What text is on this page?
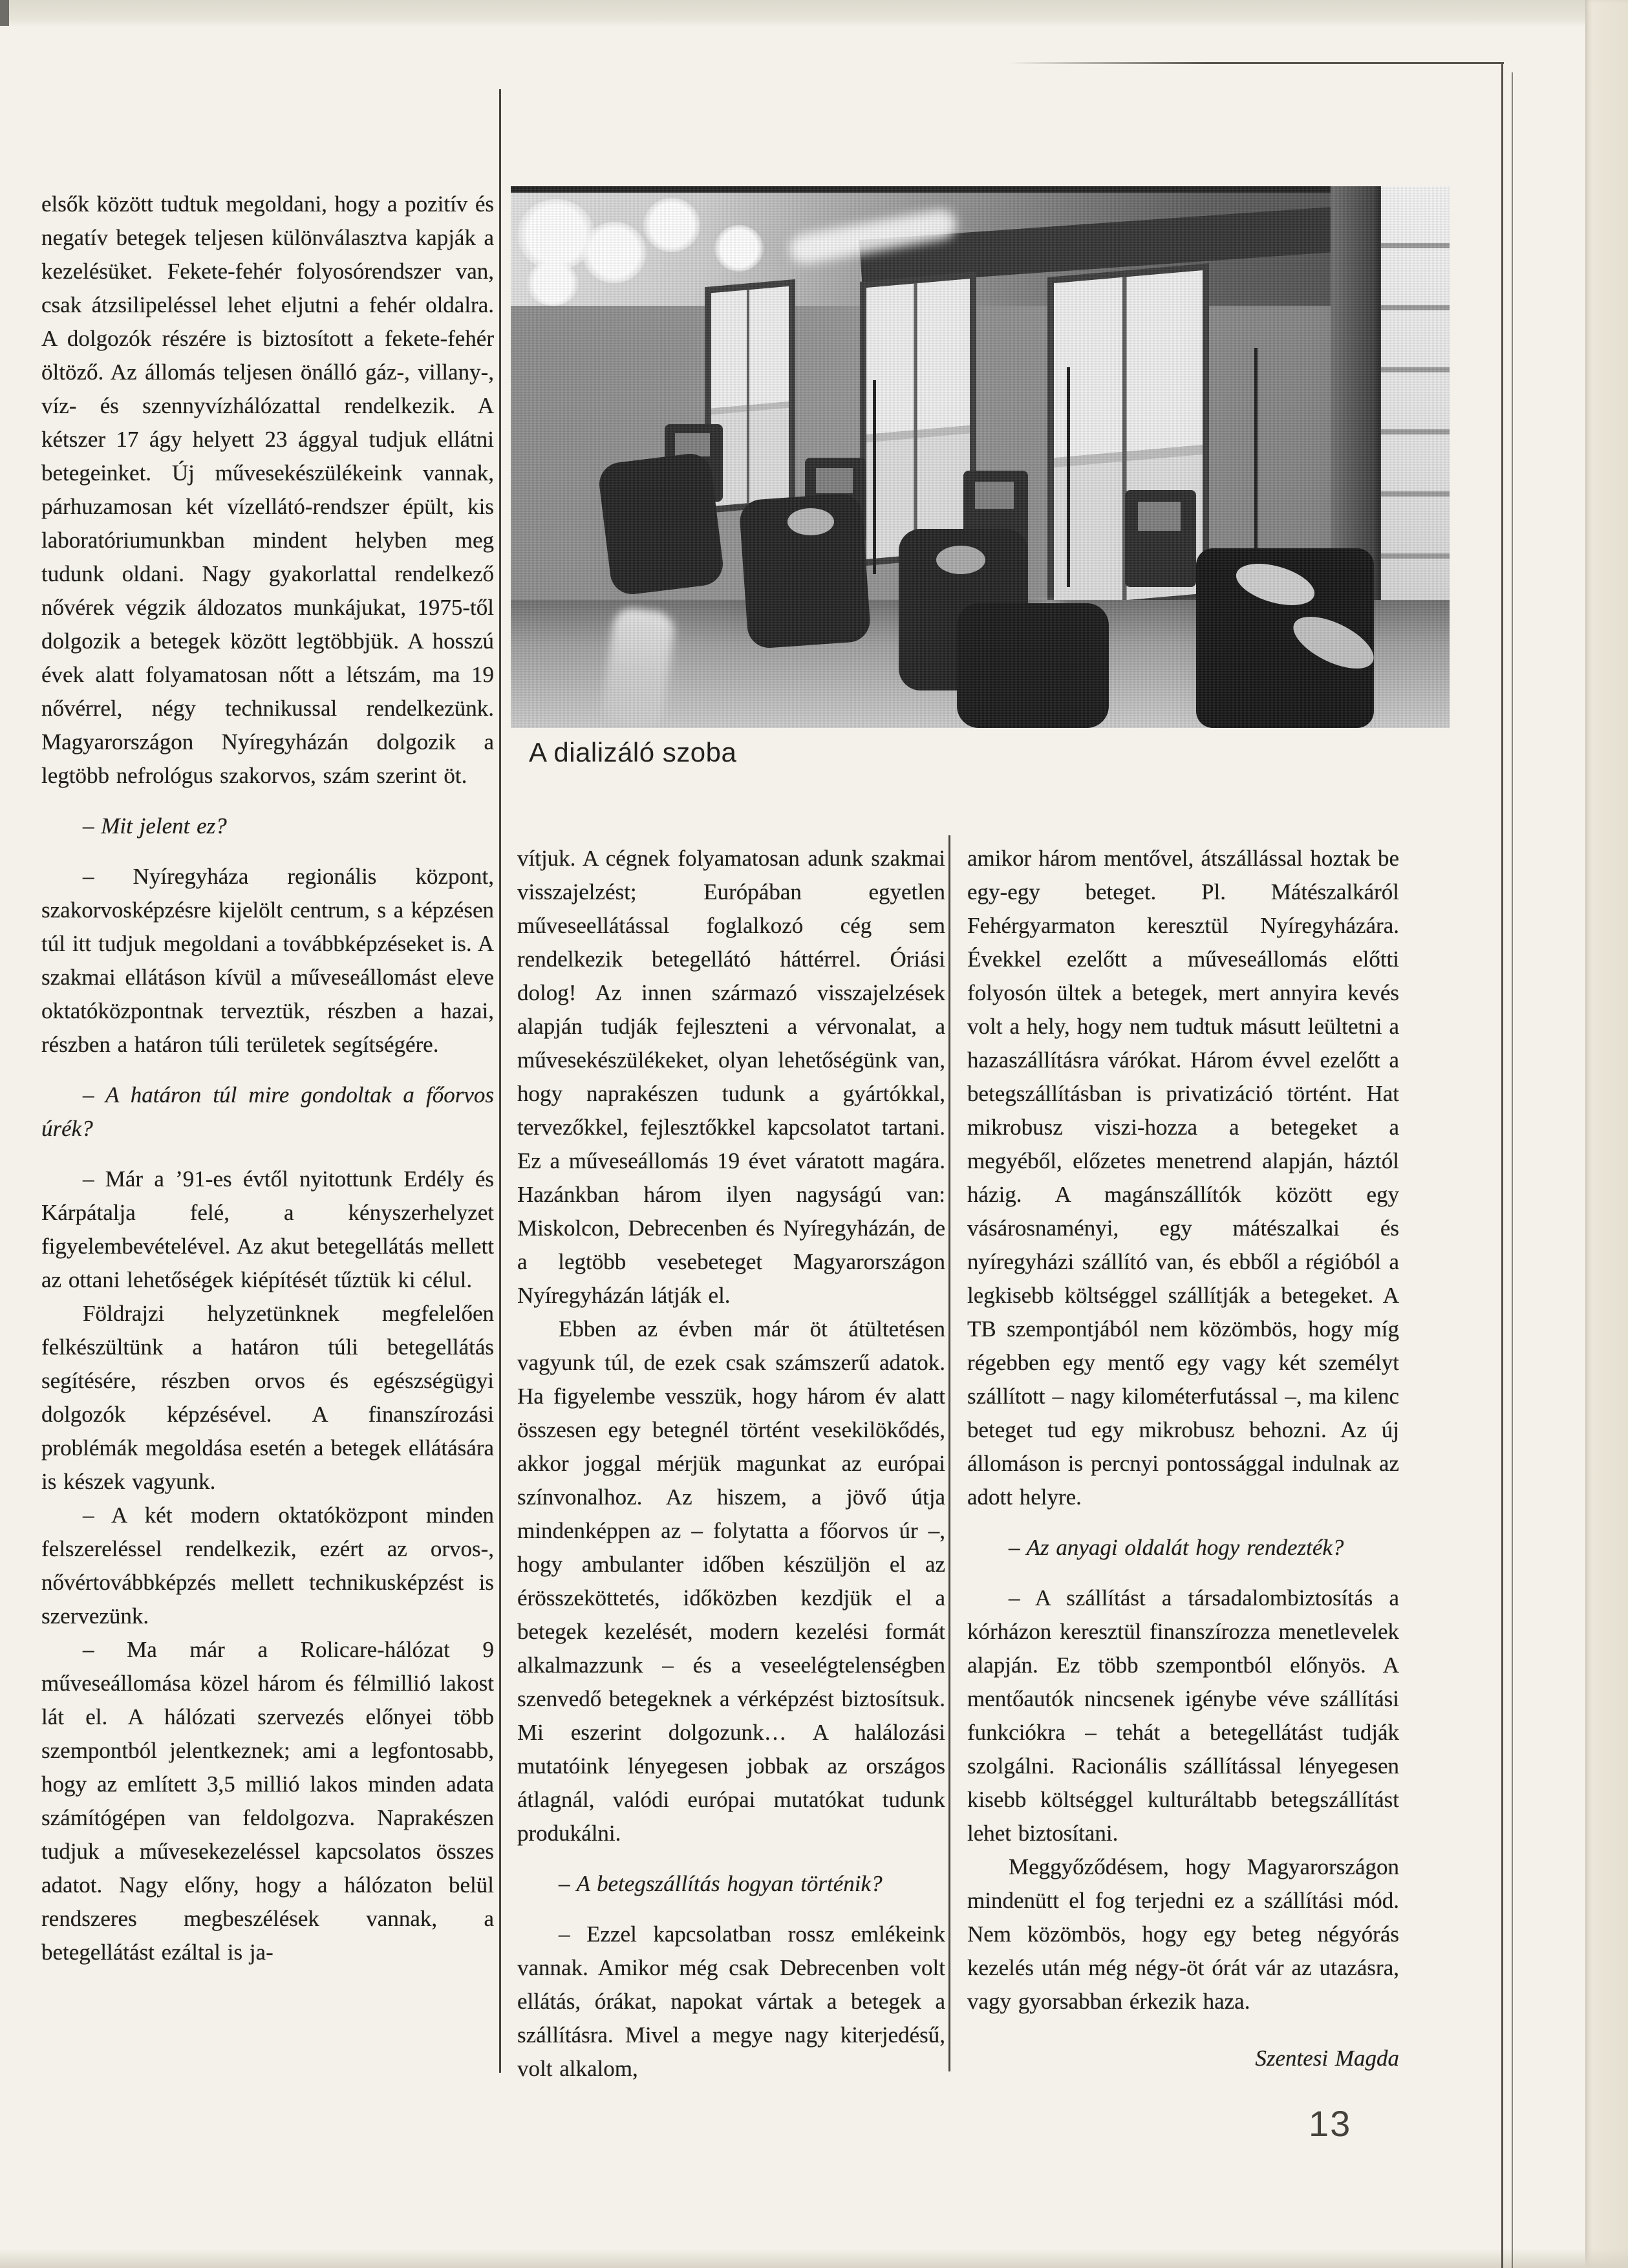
A dializáló szoba

elsők között tudtuk megoldani, hogy a pozitív és negatív betegek teljesen különválasztva kapják a kezelésüket. Fekete-fehér folyosórendszer van, csak átzsilipeléssel lehet eljutni a fehér oldalra. A dolgozók részére is biztosított a fekete-fehér öltöző. Az állomás teljesen önálló gáz-, villany-, víz- és szennyvízhálózattal rendelkezik. A kétszer 17 ágy helyett 23 ággyal tudjuk ellátni betegeinket. Új művesekészülékeink vannak, párhuzamosan két vízellátó-rendszer épült, kis laboratóriumunkban mindent helyben meg tudunk oldani. Nagy gyakorlattal rendelkező nővérek végzik áldozatos munkájukat, 1975-től dolgozik a betegek között legtöbbjük. A hosszú évek alatt folyamatosan nőtt a létszám, ma 19 nővérrel, négy technikussal rendelkezünk. Magyarországon Nyíregyházán dolgozik a legtöbb nefrológus szakorvos, szám szerint öt.

– Mit jelent ez?

– Nyíregyháza regionális központ, szakorvosképzésre kijelölt centrum, s a képzésen túl itt tudjuk megoldani a továbbképzéseket is. A szakmai ellátáson kívül a műveseállomást eleve oktatóközpontnak terveztük, részben a hazai, részben a határon túli területek segítségére.

– A határon túl mire gondoltak a főorvos úrék?

– Már a ’91-es évtől nyitottunk Erdély és Kárpátalja felé, a kényszerhelyzet figyelembevételével. Az akut betegellátás mellett az ottani lehetőségek kiépítését tűztük ki célul.

Földrajzi helyzetünknek megfelelően felkészültünk a határon túli betegellátás segítésére, részben orvos és egészségügyi dolgozók képzésével. A finanszírozási problémák megoldása esetén a betegek ellátására is készek vagyunk.

– A két modern oktatóközpont minden felszereléssel rendelkezik, ezért az orvos-, nővértovábbképzés mellett technikusképzést is szervezünk.

– Ma már a Rolicare-hálózat 9 műveseállomása közel három és félmillió lakost lát el. A hálózati szervezés előnyei több szempontból jelentkeznek; ami a legfontosabb, hogy az említett 3,5 millió lakos minden adata számítógépen van feldolgozva. Naprakészen tudjuk a művesekezeléssel kapcsolatos összes adatot. Nagy előny, hogy a hálózaton belül rendszeres megbeszélések vannak, a betegellátást ezáltal is ja-

vítjuk. A cégnek folyamatosan adunk szakmai visszajelzést; Európában egyetlen műveseellátással foglalkozó cég sem rendelkezik betegellátó háttérrel. Óriási dolog! Az innen származó visszajelzések alapján tudják fejleszteni a vérvonalat, a művesekészülékeket, olyan lehetőségünk van, hogy naprakészen tudunk a gyártókkal, tervezőkkel, fejlesztőkkel kapcsolatot tartani. Ez a műveseállomás 19 évet váratott magára. Hazánkban három ilyen nagyságú van: Miskolcon, Debrecenben és Nyíregyházán, de a legtöbb vesebeteget Magyarországon Nyíregyházán látják el.

Ebben az évben már öt átültetésen vagyunk túl, de ezek csak számszerű adatok. Ha figyelembe vesszük, hogy három év alatt összesen egy betegnél történt vesekilökődés, akkor joggal mérjük magunkat az európai színvonalhoz. Az hiszem, a jövő útja mindenképpen az – folytatta a főorvos úr –, hogy ambulanter időben készüljön el az érösszeköttetés, időközben kezdjük el a betegek kezelését, modern kezelési formát alkalmazzunk – és a veseelégtelenségben szenvedő betegeknek a vérképzést biztosítsuk. Mi eszerint dolgozunk… A halálozási mutatóink lényegesen jobbak az országos átlagnál, valódi európai mutatókat tudunk produkálni.

– A betegszállítás hogyan történik?

– Ezzel kapcsolatban rossz emlékeink vannak. Amikor még csak Debrecenben volt ellátás, órákat, napokat vártak a betegek a szállításra. Mivel a megye nagy kiterjedésű, volt alkalom,

amikor három mentővel, átszállással hoztak be egy-egy beteget. Pl. Mátészalkáról Fehérgyarmaton keresztül Nyíregyházára. Évekkel ezelőtt a műveseállomás előtti folyosón ültek a betegek, mert annyira kevés volt a hely, hogy nem tudtuk másutt leültetni a hazaszállításra várókat. Három évvel ezelőtt a betegszállításban is privatizáció történt. Hat mikrobusz viszi-hozza a betegeket a megyéből, előzetes menetrend alapján, háztól házig. A magánszállítók között egy vásárosnaményi, egy mátészalkai és nyíregyházi szállító van, és ebből a régióból a legkisebb költséggel szállítják a betegeket. A TB szempontjából nem közömbös, hogy míg régebben egy mentő egy vagy két személyt szállított – nagy kilométerfutással –, ma kilenc beteget tud egy mikrobusz behozni. Az új állomáson is percnyi pontossággal indulnak az adott helyre.

– Az anyagi oldalát hogy rendezték?

– A szállítást a társadalombiztosítás a kórházon keresztül finanszírozza menetlevelek alapján. Ez több szempontból előnyös. A mentőautók nincsenek igénybe véve szállítási funkciókra – tehát a betegellátást tudják szolgálni. Racionális szállítással lényegesen kisebb költséggel kulturáltabb betegszállítást lehet biztosítani.

Meggyőződésem, hogy Magyarországon mindenütt el fog terjedni ez a szállítási mód. Nem közömbös, hogy egy beteg négyórás kezelés után még négy-öt órát vár az utazásra, vagy gyorsabban érkezik haza.

Szentesi Magda

13
